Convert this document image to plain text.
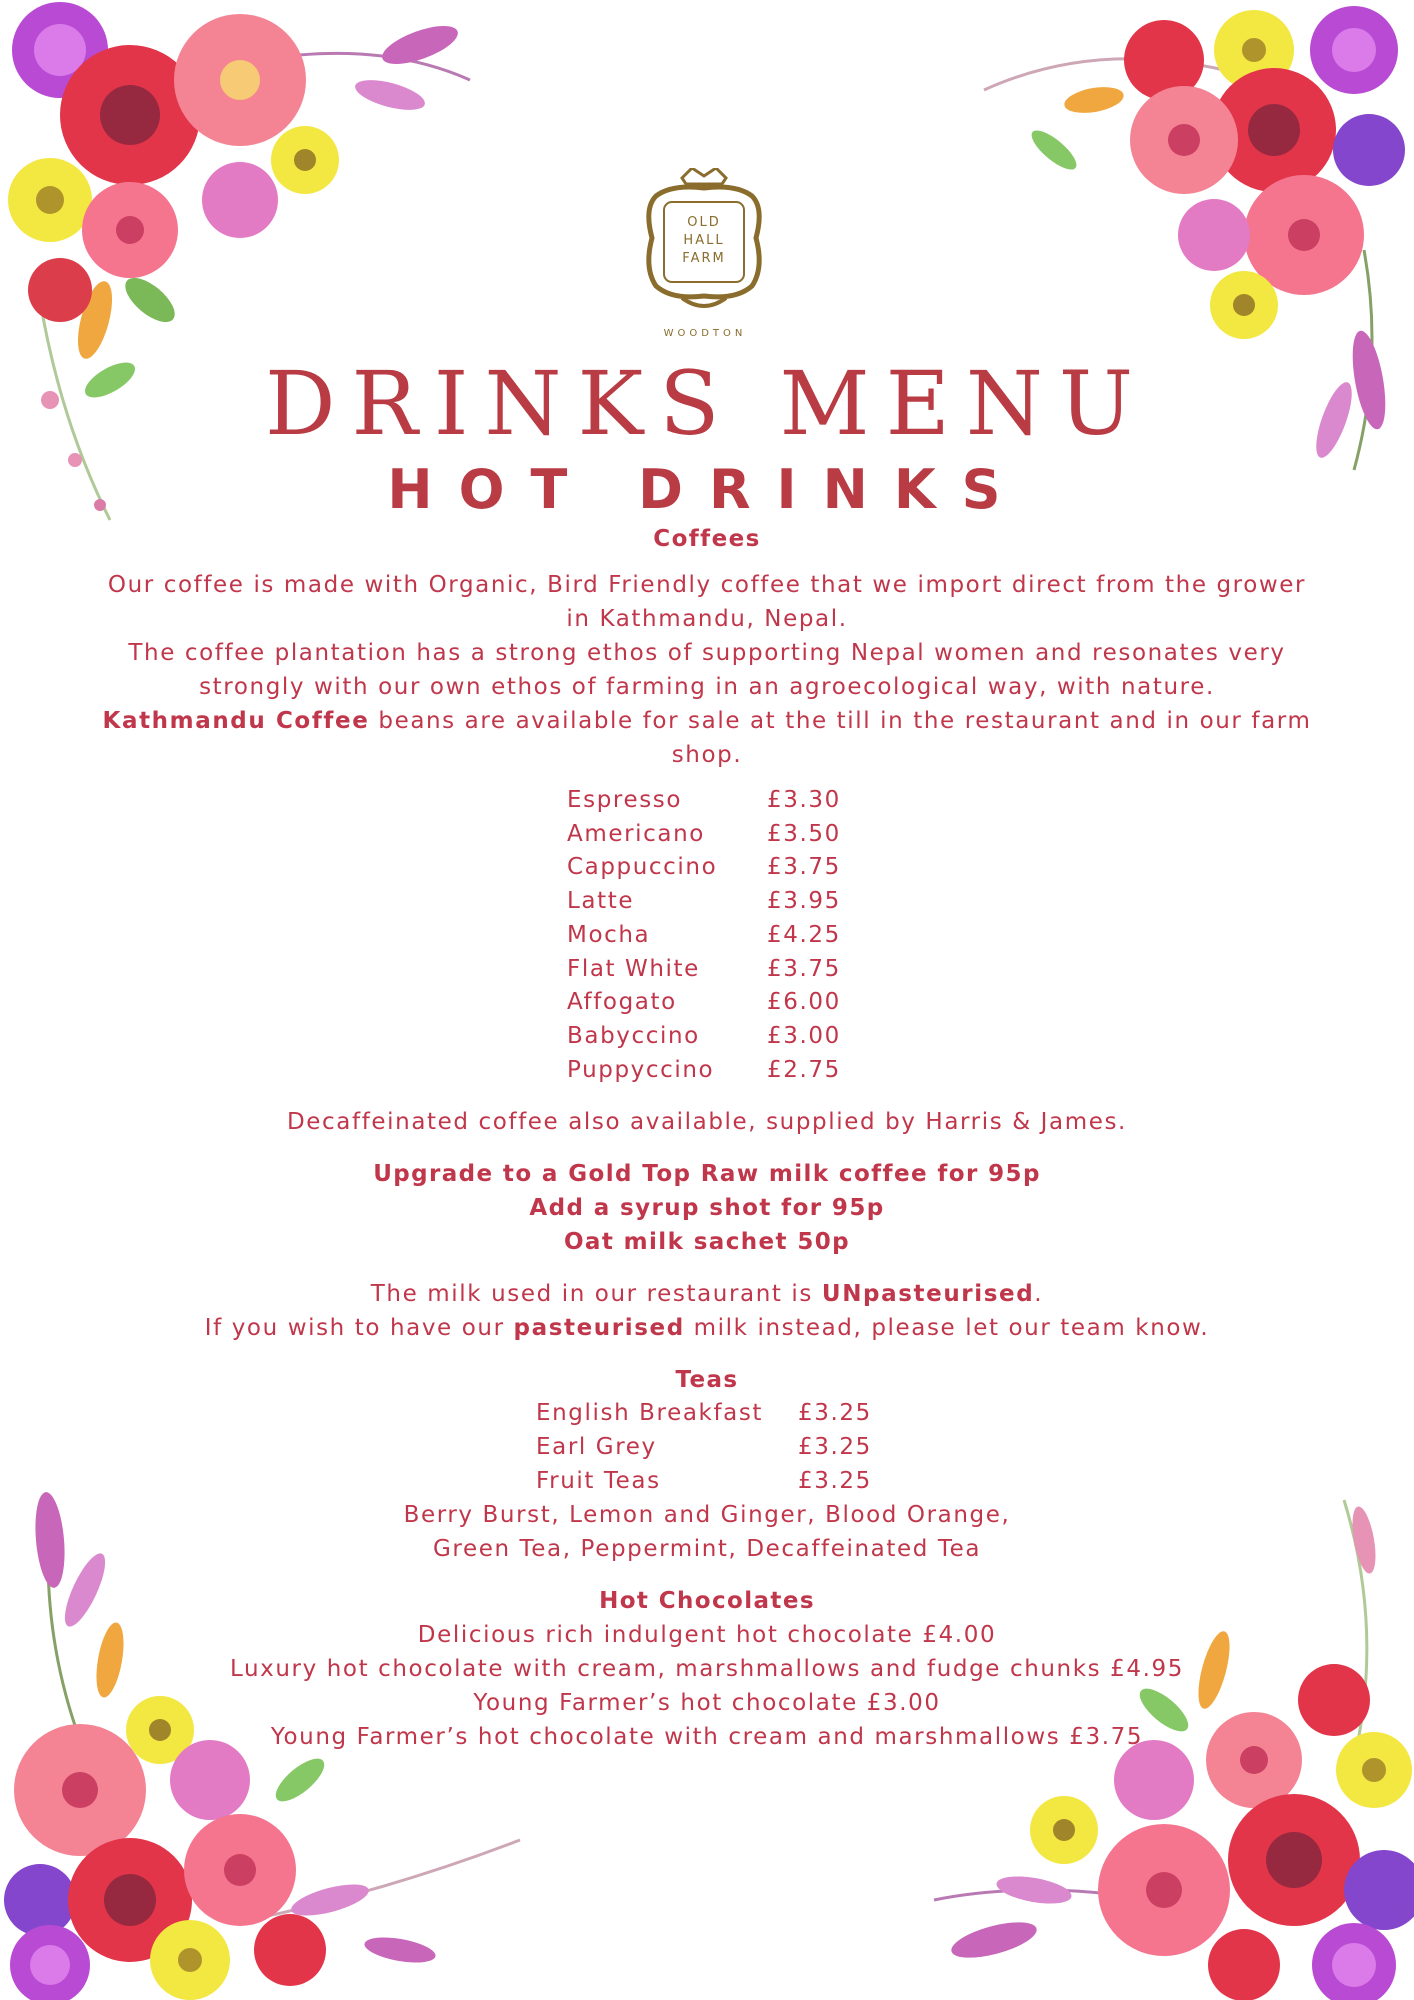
OLD
HALL
FARM
WOODTON
DRINKS MENU
HOT DRINKS
Coffees

Our coffee is made with Organic, Bird Friendly coffee that we import direct from the grower in Kathmandu, Nepal.

The coffee plantation has a strong ethos of supporting Nepal women and resonates very strongly with our own ethos of farming in an agroecological way, with nature.

Kathmandu Coffee beans are available for sale at the till in the restaurant and in our farm shop.

Espresso	£3.30
Americano	£3.50
Cappuccino	£3.75
Latte	£3.95
Mocha	£4.25
Flat White	£3.75
Affogato	£6.00
Babyccino	£3.00
Puppyccino	£2.75

Decaffeinated coffee also available, supplied by Harris & James.

Upgrade to a Gold Top Raw milk coffee for 95p
Add a syrup shot for 95p
Oat milk sachet 50p

The milk used in our restaurant is UNpasteurised.

If you wish to have our pasteurised milk instead, please let our team know.

Teas
English Breakfast	£3.25
Earl Grey	£3.25
Fruit Teas	£3.25

Berry Burst, Lemon and Ginger, Blood Orange,

Green Tea, Peppermint, Decaffeinated Tea

Hot Chocolates

Delicious rich indulgent hot chocolate £4.00

Luxury hot chocolate with cream, marshmallows and fudge chunks £4.95

Young Farmer’s hot chocolate £3.00

Young Farmer’s hot chocolate with cream and marshmallows £3.75
